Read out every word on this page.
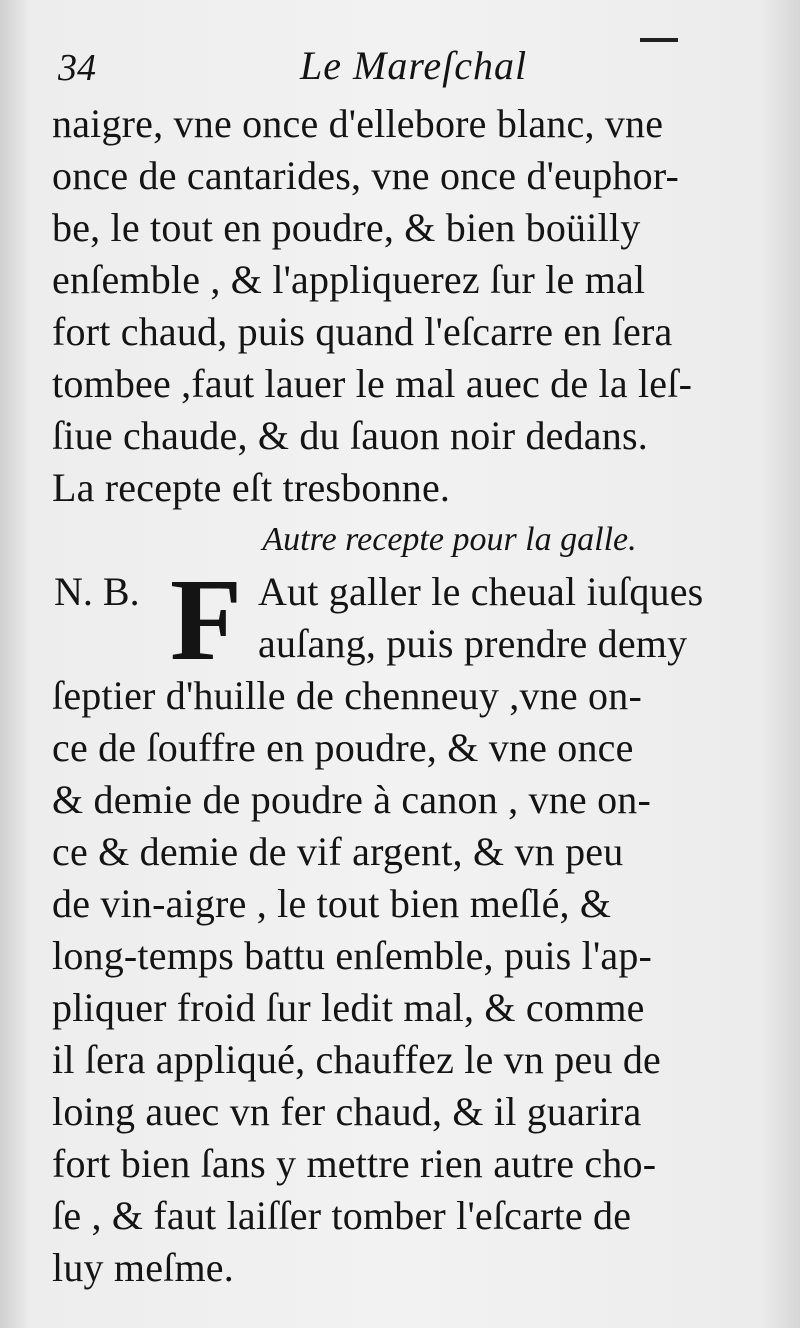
34	Le Mareſchal
naigre, vne once d'ellebore blanc, vne
once de cantarides, vne once d'euphor-
be, le tout en poudre, & bien boüilly
enſemble , & l'appliquerez ſur le mal
fort chaud, puis quand l'eſcarre en ſera
tombee ,faut lauer le mal auec de la leſ-
ſiue chaude, & du ſauon noir dedans.
La recepte eſt tresbonne.
Autre recepte pour la galle.
N. B. F Aut galler le cheual iuſques
auſang, puis prendre demy
ſeptier d'huille de chenneuy ,vne on-
ce de ſouffre en poudre, & vne once
& demie de poudre à canon , vne on-
ce & demie de vif argent, & vn peu
de vin-aigre , le tout bien meſlé, &
long-temps battu enſemble, puis l'ap-
pliquer froid ſur ledit mal, & comme
il ſera appliqué, chauffez le vn peu de
loing auec vn fer chaud, & il guarira
fort bien ſans y mettre rien autre cho-
ſe , & faut laiſſer tomber l'eſcarte de
luy meſme.
